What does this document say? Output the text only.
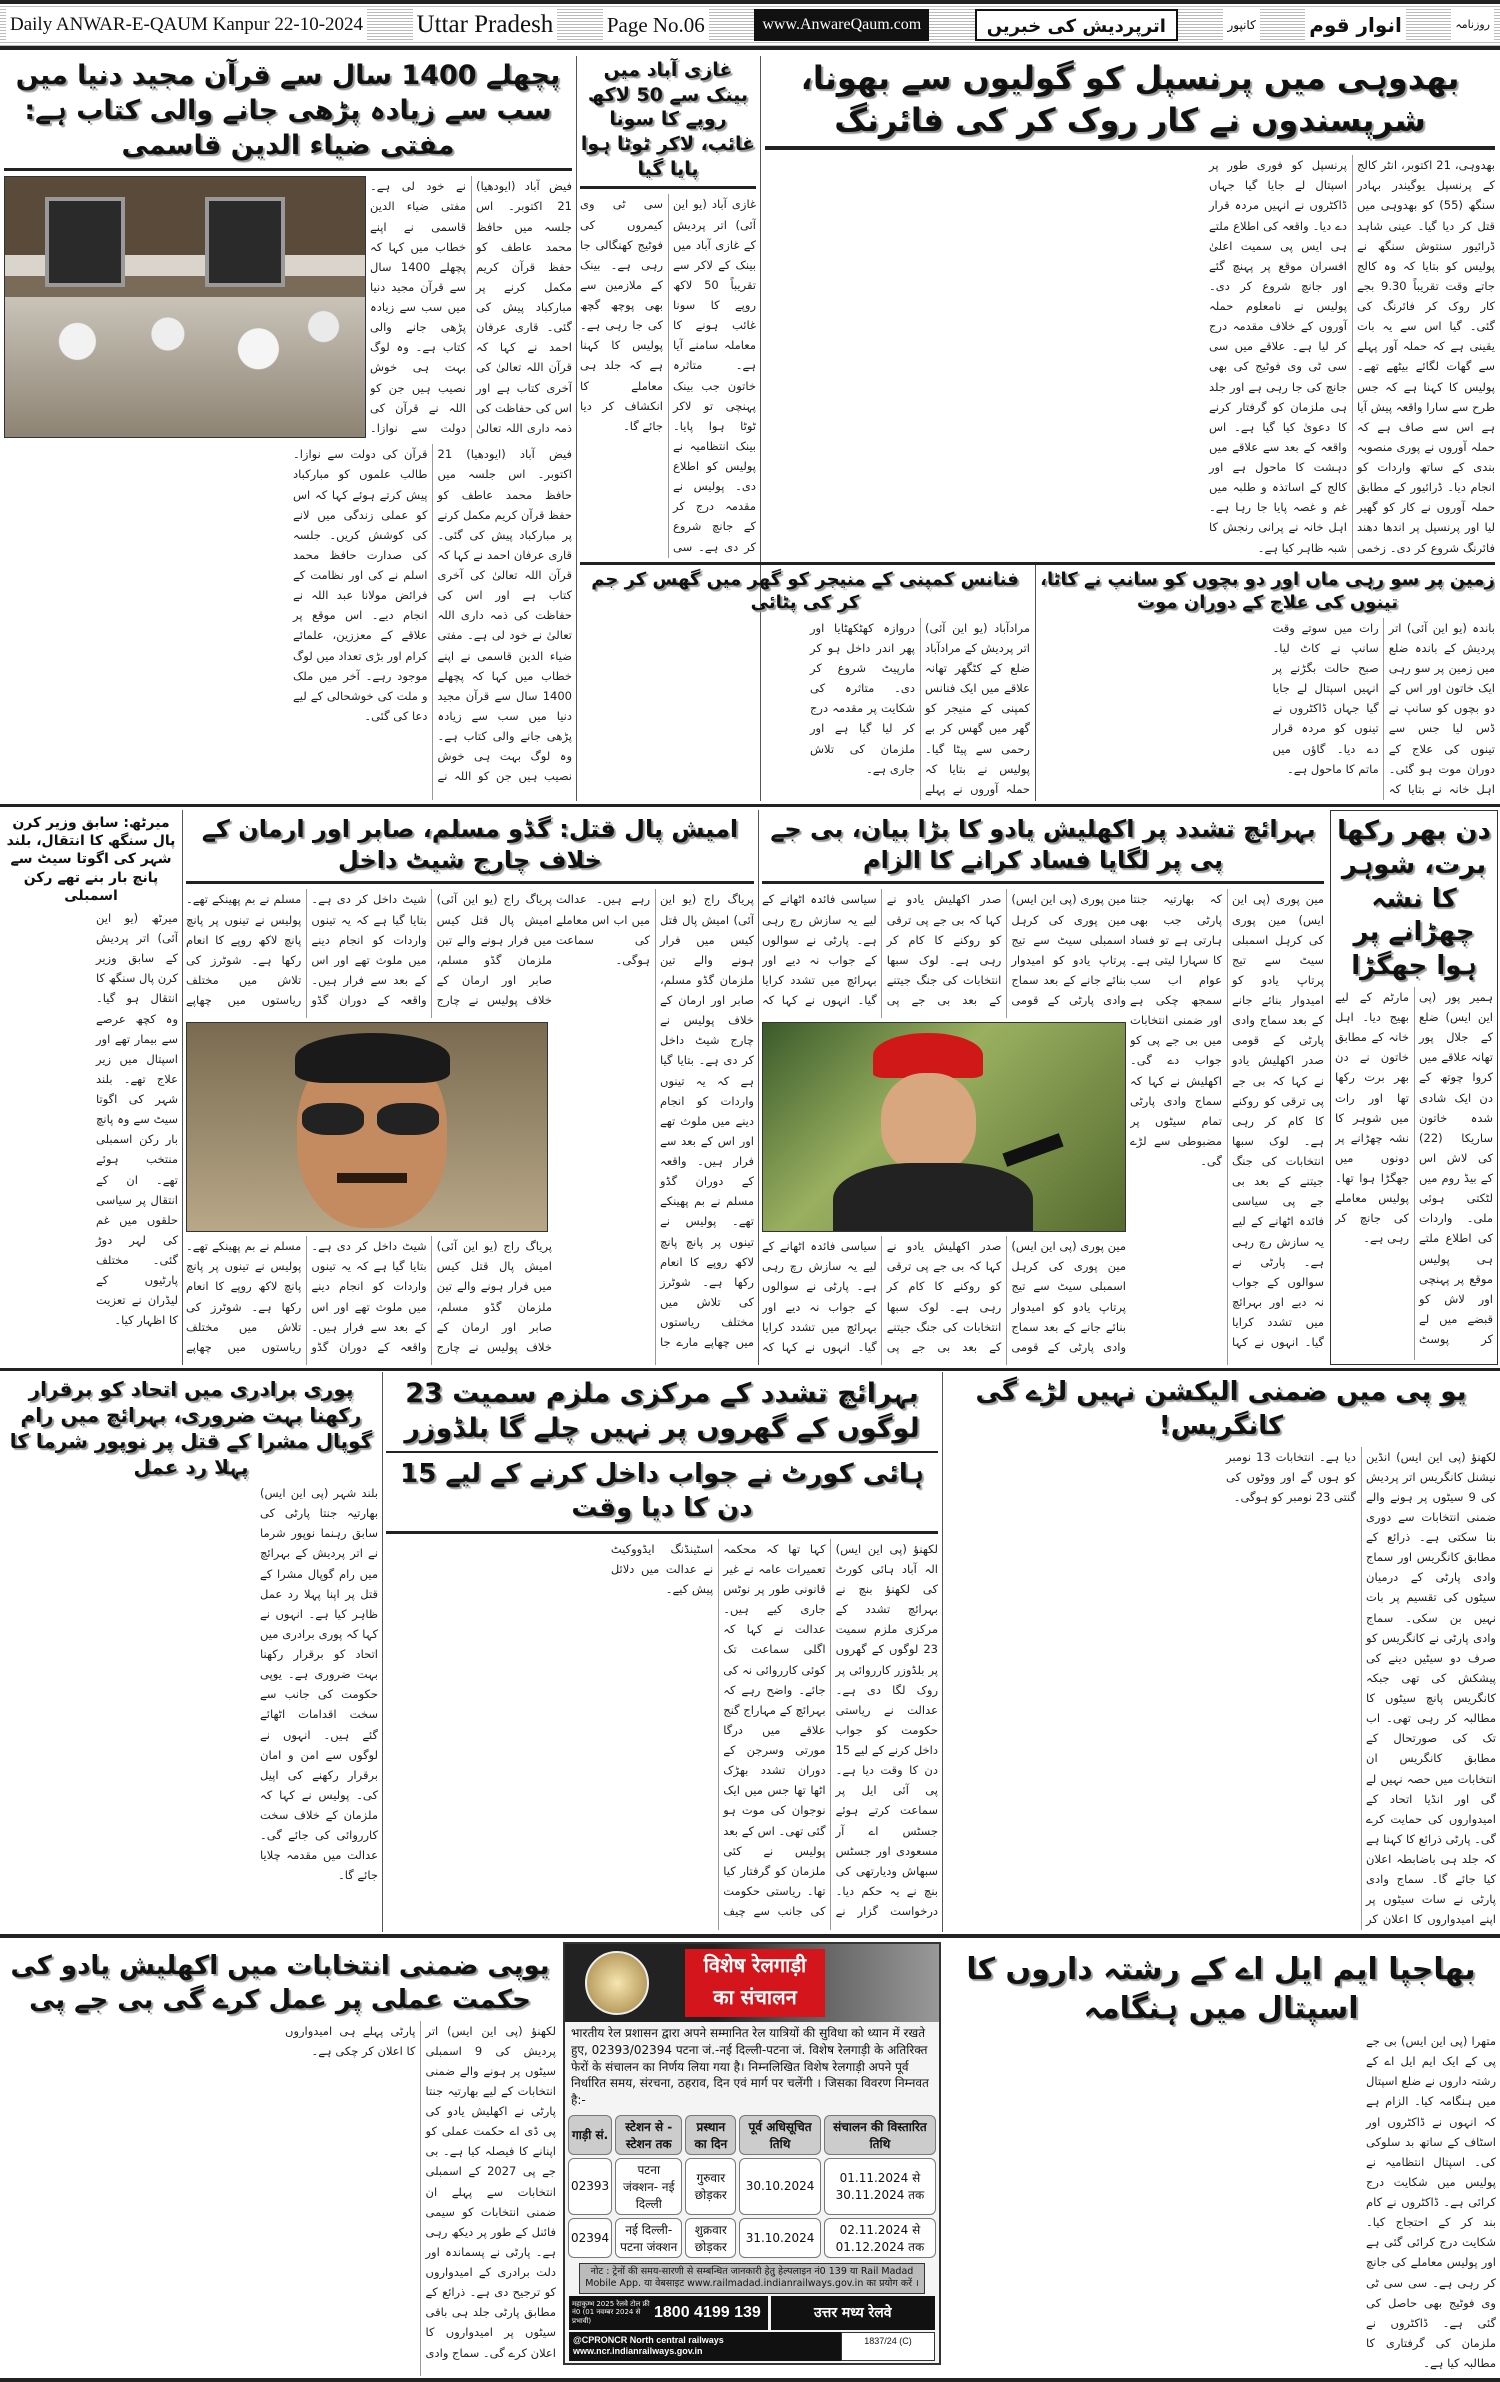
Daily ANWAR-E-QAUM Kanpur 22-10-2024 Uttar Pradesh	Page No.06	www.AnwareQaum.com	اترپردیش کی خبریں	کانپور	انوار قوم	روزنامہ
بھدوہی میں پرنسپل کو گولیوں سے بھونا، شرپسندوں نے کار روک کر کی فائرنگ
بھدوہی، 21 اکتوبر، انٹر کالج کے پرنسپل یوگیندر بہادر سنگھ (55) کو بھدوہی میں قتل کر دیا گیا۔ عینی شاہد ڈرائیور سنتوش سنگھ نے پولیس کو بتایا کہ وہ کالج جاتے وقت تقریباً 9.30 بجے کار روک کر فائرنگ کی گئی۔ گیا اس سے یہ بات یقینی ہے کہ حملہ آور پہلے سے گھات لگائے بیٹھے تھے۔ پولیس کا کہنا ہے کہ جس طرح سے سارا واقعہ پیش آیا ہے اس سے صاف ہے کہ حملہ آوروں نے پوری منصوبہ بندی کے ساتھ واردات کو انجام دیا۔ ڈرائیور کے مطابق حملہ آوروں نے کار کو گھیر لیا اور پرنسپل پر اندھا دھند فائرنگ شروع کر دی۔ زخمی پرنسپل کو فوری طور پر اسپتال لے جایا گیا جہاں ڈاکٹروں نے انہیں مردہ قرار دے دیا۔ واقعہ کی اطلاع ملتے ہی ایس پی سمیت اعلیٰ افسران موقع پر پہنچ گئے اور جانچ شروع کر دی۔ پولیس نے نامعلوم حملہ آوروں کے خلاف مقدمہ درج کر لیا ہے۔ علاقے میں سی سی ٹی وی فوٹیج کی بھی جانچ کی جا رہی ہے اور جلد ہی ملزمان کو گرفتار کرنے کا دعویٰ کیا گیا ہے۔ اس واقعہ کے بعد سے علاقے میں دہشت کا ماحول ہے اور کالج کے اساتذہ و طلبہ میں غم و غصہ پایا جا رہا ہے۔ اہل خانہ نے پرانی رنجش کا شبہ ظاہر کیا ہے۔
غازی آباد میں بینک سے 50 لاکھ روپے کا سونا غائب، لاکر ٹوٹا ہوا پایا گیا
غازی آباد (یو این آئی) اتر پردیش کے غازی آباد میں بینک کے لاکر سے تقریباً 50 لاکھ روپے کا سونا غائب ہونے کا معاملہ سامنے آیا ہے۔ متاثرہ خاتون جب بینک پہنچی تو لاکر ٹوٹا ہوا پایا۔ بینک انتظامیہ نے پولیس کو اطلاع دی۔ پولیس نے مقدمہ درج کر کے جانچ شروع کر دی ہے۔ سی سی ٹی وی کیمروں کی فوٹیج کھنگالی جا رہی ہے۔ بینک کے ملازمین سے بھی پوچھ گچھ کی جا رہی ہے۔ پولیس کا کہنا ہے کہ جلد ہی معاملے کا انکشاف کر دیا جائے گا۔
پچھلے 1400 سال سے قرآن مجید دنیا میں سب سے زیادہ پڑھی جانے والی کتاب ہے: مفتی ضیاء الدین قاسمی
فیض آباد (ایودھیا) 21 اکتوبر۔ اس جلسہ میں حافظ محمد عاطف کو حفظ قرآن کریم مکمل کرنے پر مبارکباد پیش کی گئی۔ قاری عرفان احمد نے کہا کہ قرآن اللہ تعالیٰ کی آخری کتاب ہے اور اس کی حفاظت کی ذمہ داری اللہ تعالیٰ نے خود لی ہے۔ مفتی ضیاء الدین قاسمی نے اپنے خطاب میں کہا کہ پچھلے 1400 سال سے قرآن مجید دنیا میں سب سے زیادہ پڑھی جانے والی کتاب ہے۔ وہ لوگ بہت ہی خوش نصیب ہیں جن کو اللہ نے قرآن کی دولت سے نوازا۔
فیض آباد (ایودھیا) 21 اکتوبر۔ اس جلسہ میں حافظ محمد عاطف کو حفظ قرآن کریم مکمل کرنے پر مبارکباد پیش کی گئی۔ قاری عرفان احمد نے کہا کہ قرآن اللہ تعالیٰ کی آخری کتاب ہے اور اس کی حفاظت کی ذمہ داری اللہ تعالیٰ نے خود لی ہے۔ مفتی ضیاء الدین قاسمی نے اپنے خطاب میں کہا کہ پچھلے 1400 سال سے قرآن مجید دنیا میں سب سے زیادہ پڑھی جانے والی کتاب ہے۔ وہ لوگ بہت ہی خوش نصیب ہیں جن کو اللہ نے قرآن کی دولت سے نوازا۔ طالب علموں کو مبارکباد پیش کرتے ہوئے کہا کہ اس کو عملی زندگی میں لانے کی کوشش کریں۔ جلسہ کی صدارت حافظ محمد اسلم نے کی اور نظامت کے فرائض مولانا عبد اللہ نے انجام دیے۔ اس موقع پر علاقے کے معززین، علمائے کرام اور بڑی تعداد میں لوگ موجود رہے۔ آخر میں ملک و ملت کی خوشحالی کے لیے دعا کی گئی۔
زمین پر سو رہی ماں اور دو بچوں کو سانپ نے کاٹا، تینوں کی علاج کے دوران موت
باندہ (یو این آئی) اتر پردیش کے باندہ ضلع میں زمین پر سو رہی ایک خاتون اور اس کے دو بچوں کو سانپ نے ڈس لیا جس سے تینوں کی علاج کے دوران موت ہو گئی۔ اہل خانہ نے بتایا کہ رات میں سوتے وقت سانپ نے کاٹ لیا۔ صبح حالت بگڑنے پر انہیں اسپتال لے جایا گیا جہاں ڈاکٹروں نے تینوں کو مردہ قرار دے دیا۔ گاؤں میں ماتم کا ماحول ہے۔
فنانس کمپنی کے منیجر کو گھر میں گھس کر جم کر کی پٹائی
مرادآباد (یو این آئی) اتر پردیش کے مرادآباد ضلع کے کٹگھر تھانہ علاقے میں ایک فنانس کمپنی کے منیجر کو گھر میں گھس کر بے رحمی سے پیٹا گیا۔ پولیس نے بتایا کہ حملہ آوروں نے پہلے دروازہ کھٹکھٹایا اور پھر اندر داخل ہو کر مارپیٹ شروع کر دی۔ متاثرہ کی شکایت پر مقدمہ درج کر لیا گیا ہے اور ملزمان کی تلاش جاری ہے۔
دن بھر رکھا برت، شوہر کا نشہ چھڑانے پر ہوا جھگڑا
ہمیر پور (پی این ایس) ضلع کے جلال پور تھانہ علاقے میں کروا چوتھ کے دن ایک شادی شدہ خاتون ساریکا (22) کی لاش اس کے بیڈ روم میں لٹکتی ہوئی ملی۔ واردات کی اطلاع ملتے ہی پولیس موقع پر پہنچی اور لاش کو قبضے میں لے کر پوسٹ مارٹم کے لیے بھیج دیا۔ اہل خانہ کے مطابق خاتون نے دن بھر برت رکھا تھا اور رات میں شوہر کا نشہ چھڑانے پر دونوں میں جھگڑا ہوا تھا۔ پولیس معاملے کی جانچ کر رہی ہے۔
بہرائچ تشدد پر اکھلیش یادو کا بڑا بیان، بی جے پی پر لگایا فساد کرانے کا الزام
مین پوری (پی این ایس) مین پوری کی کرہل اسمبلی سیٹ سے تیج پرتاپ یادو کو امیدوار بنائے جانے کے بعد سماج وادی پارٹی کے قومی صدر اکھلیش یادو نے کہا کہ بی جے پی ترقی کو روکنے کا کام کر رہی ہے۔ لوک سبھا انتخابات کی جنگ جیتنے کے بعد بی جے پی سیاسی فائدہ اٹھانے کے لیے یہ سازش رچ رہی ہے۔ پارٹی نے سوالوں کے جواب نہ دیے اور بہرائچ میں تشدد کرایا گیا۔ انہوں نے کہا کہ
مین پوری (پی این ایس) مین پوری کی کرہل اسمبلی سیٹ سے تیج پرتاپ یادو کو امیدوار بنائے جانے کے بعد سماج وادی پارٹی کے قومی صدر اکھلیش یادو نے کہا کہ بی جے پی ترقی کو روکنے کا کام کر رہی ہے۔ لوک سبھا انتخابات کی جنگ جیتنے کے بعد بی جے پی سیاسی فائدہ اٹھانے کے لیے یہ سازش رچ رہی ہے۔ پارٹی نے سوالوں کے جواب نہ دیے اور بہرائچ میں تشدد کرایا گیا۔ انہوں نے کہا کہ
مین پوری (پی این ایس) مین پوری کی کرہل اسمبلی سیٹ سے تیج پرتاپ یادو کو امیدوار بنائے جانے کے بعد سماج وادی پارٹی کے قومی صدر اکھلیش یادو نے کہا کہ بی جے پی ترقی کو روکنے کا کام کر رہی ہے۔ لوک سبھا انتخابات کی جنگ جیتنے کے بعد بی جے پی سیاسی فائدہ اٹھانے کے لیے یہ سازش رچ رہی ہے۔ پارٹی نے سوالوں کے جواب نہ دیے اور بہرائچ میں تشدد کرایا گیا۔ انہوں نے کہا کہ بھارتیہ جنتا پارٹی جب بھی ہارتی ہے تو فساد کا سہارا لیتی ہے۔ عوام اب سب سمجھ چکی ہے اور ضمنی انتخابات میں بی جے پی کو جواب دے گی۔ اکھلیش نے کہا کہ سماج وادی پارٹی تمام سیٹوں پر مضبوطی سے لڑے گی۔
امیش پال قتل: گڈو مسلم، صابر اور ارمان کے خلاف چارج شیٹ داخل
پریاگ راج (یو این آئی) امیش پال قتل کیس میں فرار ہونے والے تین ملزمان گڈو مسلم، صابر اور ارمان کے خلاف پولیس نے چارج شیٹ داخل کر دی ہے۔ بتایا گیا ہے کہ یہ تینوں واردات کو انجام دینے میں ملوث تھے اور اس کے بعد سے فرار ہیں۔ واقعہ کے دوران گڈو مسلم نے بم پھینکے تھے۔ پولیس نے تینوں پر پانچ پانچ لاکھ روپے کا انعام رکھا ہے۔ شوٹرز کی تلاش میں مختلف ریاستوں میں چھاپے
پریاگ راج (یو این آئی) امیش پال قتل کیس میں فرار ہونے والے تین ملزمان گڈو مسلم، صابر اور ارمان کے خلاف پولیس نے چارج شیٹ داخل کر دی ہے۔ بتایا گیا ہے کہ یہ تینوں واردات کو انجام دینے میں ملوث تھے اور اس کے بعد سے فرار ہیں۔ واقعہ کے دوران گڈو مسلم نے بم پھینکے تھے۔ پولیس نے تینوں پر پانچ پانچ لاکھ روپے کا انعام رکھا ہے۔ شوٹرز کی تلاش میں مختلف ریاستوں میں چھاپے
پریاگ راج (یو این آئی) امیش پال قتل کیس میں فرار ہونے والے تین ملزمان گڈو مسلم، صابر اور ارمان کے خلاف پولیس نے چارج شیٹ داخل کر دی ہے۔ بتایا گیا ہے کہ یہ تینوں واردات کو انجام دینے میں ملوث تھے اور اس کے بعد سے فرار ہیں۔ واقعہ کے دوران گڈو مسلم نے بم پھینکے تھے۔ پولیس نے تینوں پر پانچ پانچ لاکھ روپے کا انعام رکھا ہے۔ شوٹرز کی تلاش میں مختلف ریاستوں میں چھاپے مارے جا رہے ہیں۔ عدالت میں اب اس معاملے کی سماعت ہوگی۔
میرٹھ: سابق وزیر کرن پال سنگھ کا انتقال، بلند شہر کی اگوتا سیٹ سے پانچ بار بنے تھے رکن اسمبلی
میرٹھ (یو این آئی) اتر پردیش کے سابق وزیر کرن پال سنگھ کا انتقال ہو گیا۔ وہ کچھ عرصے سے بیمار تھے اور اسپتال میں زیر علاج تھے۔ بلند شہر کی اگوتا سیٹ سے وہ پانچ بار رکن اسمبلی منتخب ہوئے تھے۔ ان کے انتقال پر سیاسی حلقوں میں غم کی لہر دوڑ گئی۔ مختلف پارٹیوں کے لیڈران نے تعزیت کا اظہار کیا۔
یو پی میں ضمنی الیکشن نہیں لڑے گی کانگریس!
لکھنؤ (پی این ایس) انڈین نیشنل کانگریس اتر پردیش کی 9 سیٹوں پر ہونے والے ضمنی انتخابات سے دوری بنا سکتی ہے۔ ذرائع کے مطابق کانگریس اور سماج وادی پارٹی کے درمیان سیٹوں کی تقسیم پر بات نہیں بن سکی۔ سماج وادی پارٹی نے کانگریس کو صرف دو سیٹیں دینے کی پیشکش کی تھی جبکہ کانگریس پانچ سیٹوں کا مطالبہ کر رہی تھی۔ اب تک کی صورتحال کے مطابق کانگریس ان انتخابات میں حصہ نہیں لے گی اور انڈیا اتحاد کے امیدواروں کی حمایت کرے گی۔ پارٹی ذرائع کا کہنا ہے کہ جلد ہی باضابطہ اعلان کیا جائے گا۔ سماج وادی پارٹی نے سات سیٹوں پر اپنے امیدواروں کا اعلان کر دیا ہے۔ انتخابات 13 نومبر کو ہوں گے اور ووٹوں کی گنتی 23 نومبر کو ہوگی۔
بہرائچ تشدد کے مرکزی ملزم سمیت 23 لوگوں کے گھروں پر نہیں چلے گا بلڈوزر
ہائی کورٹ نے جواب داخل کرنے کے لیے 15 دن کا دیا وقت
لکھنؤ (پی این ایس) الہ آباد ہائی کورٹ کی لکھنؤ بنچ نے بہرائچ تشدد کے مرکزی ملزم سمیت 23 لوگوں کے گھروں پر بلڈوزر کارروائی پر روک لگا دی ہے۔ عدالت نے ریاستی حکومت کو جواب داخل کرنے کے لیے 15 دن کا وقت دیا ہے۔ پی آئی ایل پر سماعت کرتے ہوئے جسٹس اے آر مسعودی اور جسٹس سبھاش ودیارتھی کی بنچ نے یہ حکم دیا۔ درخواست گزار نے کہا تھا کہ محکمہ تعمیرات عامہ نے غیر قانونی طور پر نوٹس جاری کیے ہیں۔ عدالت نے کہا کہ اگلی سماعت تک کوئی کارروائی نہ کی جائے۔ واضح رہے کہ بہرائچ کے مہاراج گنج علاقے میں درگا مورتی وسرجن کے دوران تشدد بھڑک اٹھا تھا جس میں ایک نوجوان کی موت ہو گئی تھی۔ اس کے بعد پولیس نے کئی ملزمان کو گرفتار کیا تھا۔ ریاستی حکومت کی جانب سے چیف اسٹینڈنگ ایڈووکیٹ نے عدالت میں دلائل پیش کیے۔
پوری برادری میں اتحاد کو برقرار رکھنا بہت ضروری، بہرائچ میں رام گوپال مشرا کے قتل پر نوپور شرما کا پہلا رد عمل
بلند شہر (پی این ایس) بھارتیہ جنتا پارٹی کی سابق رہنما نوپور شرما نے اتر پردیش کے بہرائچ میں رام گوپال مشرا کے قتل پر اپنا پہلا رد عمل ظاہر کیا ہے۔ انہوں نے کہا کہ پوری برادری میں اتحاد کو برقرار رکھنا بہت ضروری ہے۔ یوپی حکومت کی جانب سے سخت اقدامات اٹھائے گئے ہیں۔ انہوں نے لوگوں سے امن و امان برقرار رکھنے کی اپیل کی۔ پولیس نے کہا کہ ملزمان کے خلاف سخت کارروائی کی جائے گی۔ عدالت میں مقدمہ چلایا جائے گا۔
بھاجپا ایم ایل اے کے رشتہ داروں کا اسپتال میں ہنگامہ
متھرا (پی این ایس) بی جے پی کے ایک ایم ایل اے کے رشتہ داروں نے ضلع اسپتال میں ہنگامہ کیا۔ الزام ہے کہ انہوں نے ڈاکٹروں اور اسٹاف کے ساتھ بد سلوکی کی۔ اسپتال انتظامیہ نے پولیس میں شکایت درج کرائی ہے۔ ڈاکٹروں نے کام بند کر کے احتجاج کیا۔ شکایت درج کرائی گئی ہے اور پولیس معاملے کی جانچ کر رہی ہے۔ سی سی ٹی وی فوٹیج بھی حاصل کی گئی ہے۔ ڈاکٹروں نے ملزمان کی گرفتاری کا مطالبہ کیا ہے۔
یوپی ضمنی انتخابات میں اکھلیش یادو کی حکمت عملی پر عمل کرے گی بی جے پی
لکھنؤ (پی این ایس) اتر پردیش کی 9 اسمبلی سیٹوں پر ہونے والے ضمنی انتخابات کے لیے بھارتیہ جنتا پارٹی نے اکھلیش یادو کی پی ڈی اے حکمت عملی کو اپنانے کا فیصلہ کیا ہے۔ بی جے پی 2027 کے اسمبلی انتخابات سے پہلے ان ضمنی انتخابات کو سیمی فائنل کے طور پر دیکھ رہی ہے۔ پارٹی نے پسماندہ اور دلت برادری کے امیدواروں کو ترجیح دی ہے۔ ذرائع کے مطابق پارٹی جلد ہی باقی سیٹوں پر امیدواروں کا اعلان کرے گی۔ سماج وادی پارٹی پہلے ہی امیدواروں کا اعلان کر چکی ہے۔
विशेष रेलगाड़ी
का संचालन
भारतीय रेल प्रशासन द्वारा अपने सम्मानित रेल यात्रियों की सुविधा को ध्यान में रखते हुए, 02393/02394 पटना जं.-नई दिल्ली-पटना जं. विशेष रेलगाड़ी के अतिरिक्त फेरों के संचालन का निर्णय लिया गया है। निम्नलिखित विशेष रेलगाड़ी अपने पूर्व निर्धारित समय, संरचना, ठहराव, दिन एवं मार्ग पर चलेंगी । जिसका विवरण निम्नवत है:-
गाड़ी सं.	स्टेशन से - स्टेशन तक	प्रस्थान का दिन	पूर्व अधिसूचित तिथि	संचालन की विस्तारित तिथि
02393	पटना जंक्शन- नई दिल्ली	गुरुवार छोड़कर	30.10.2024	01.11.2024 से 30.11.2024 तक
02394	नई दिल्ली- पटना जंक्शन	शुक्रवार छोड़कर	31.10.2024	02.11.2024 से 01.12.2024 तक
नोट : ट्रेनों की समय-सारणी से सम्बन्धित जानकारी हेतु हेल्पलाइन नं0 139 या Rail Madad Mobile App. या वेबसाइट www.railmadad.indianrailways.gov.in का प्रयोग करें ।
महाकुम्भ 2025 रेलवे टोल फ्री नं0 (01 नवम्बर 2024 से प्रभावी)
1800 4199 139	उत्तर मध्य रेलवे
@CPRONCR North central railways www.ncr.indianrailways.gov.in
1837/24 (C)
